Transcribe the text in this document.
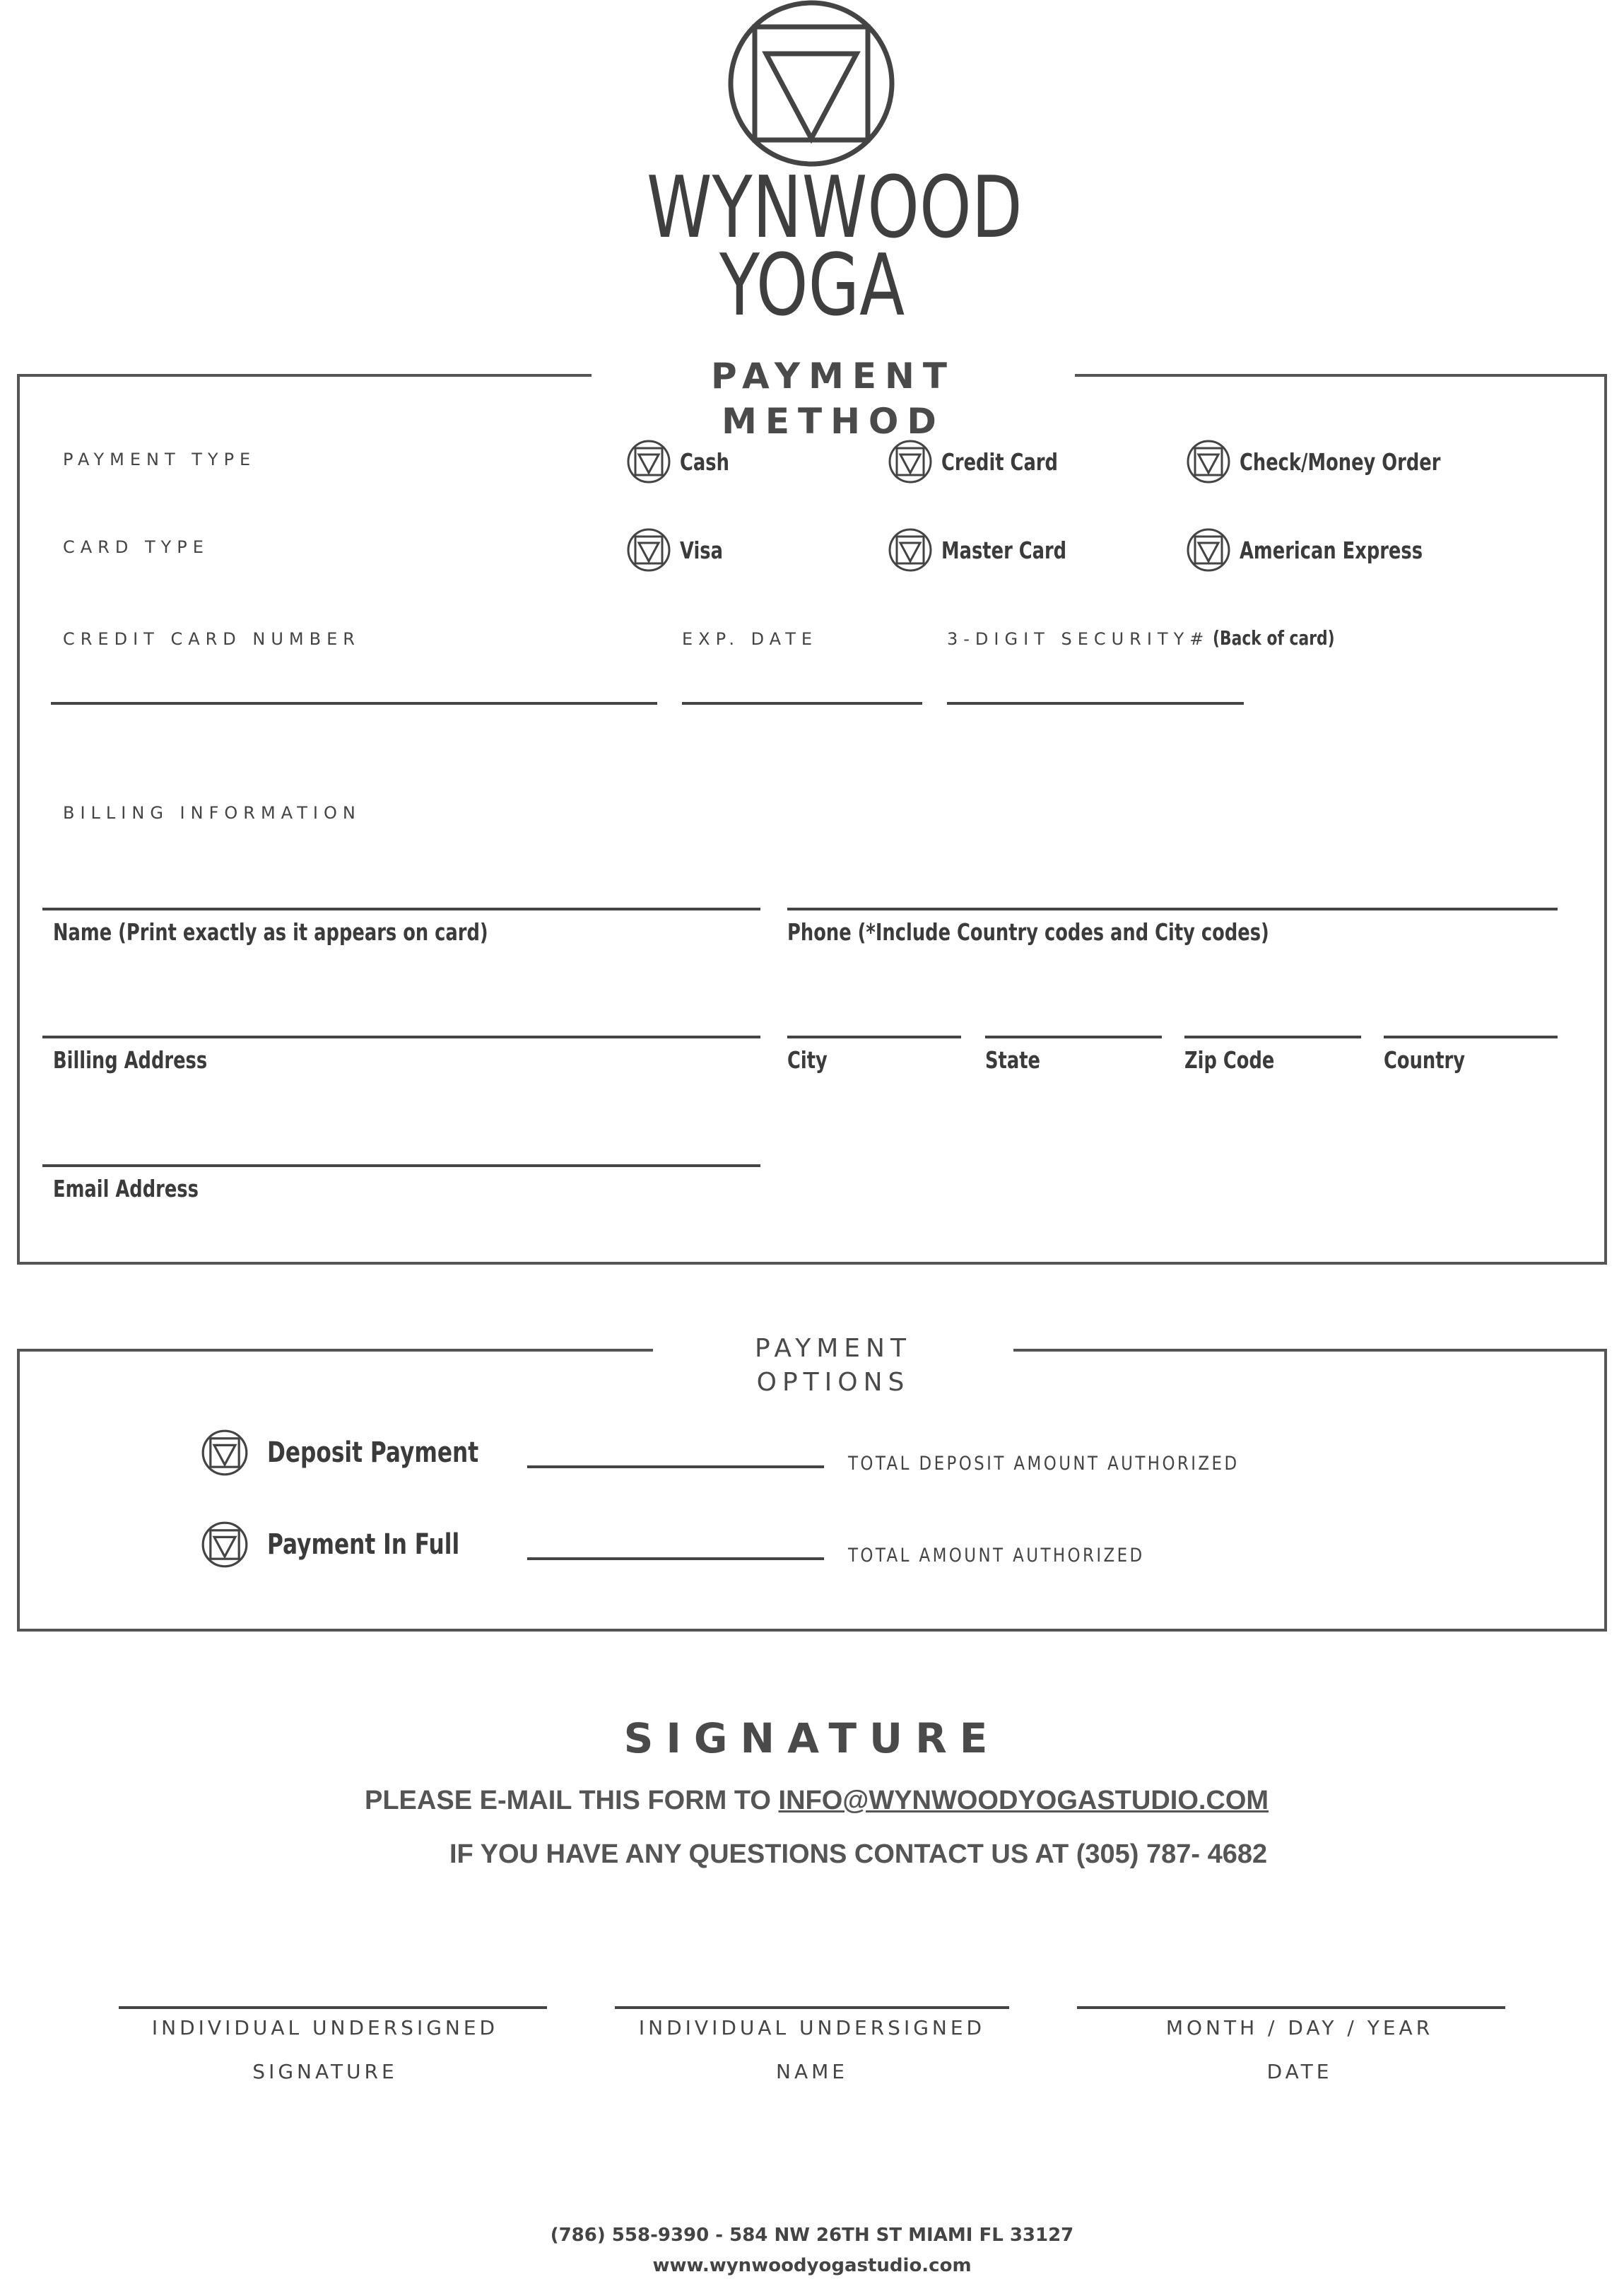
WYNWOOD
YOGA
PAYMENT METHOD
PAYMENT TYPE	Cash	Credit Card	Check/Money Order
CARD TYPE	Visa	Master Card	American Express
CREDIT CARD NUMBER	EXP. DATE	3-DIGIT SECURITY# (Back of card)
BILLING INFORMATION
Name (Print exactly as it appears on card)	Phone (*Include Country codes and City codes)
Billing Address	City	State	Zip Code	Country
Email Address
PAYMENT OPTIONS
Deposit Payment	TOTAL DEPOSIT AMOUNT AUTHORIZED
Payment In Full	TOTAL AMOUNT AUTHORIZED
SIGNATURE
PLEASE E-MAIL THIS FORM TO INFO@WYNWOODYOGASTUDIO.COM
IF YOU HAVE ANY QUESTIONS CONTACT US AT (305) 787- 4682
INDIVIDUAL UNDERSIGNED
SIGNATURE
INDIVIDUAL UNDERSIGNED
NAME
MONTH / DAY / YEAR
DATE
(786) 558-9390 - 584 NW 26TH ST MIAMI FL 33127
www.wynwoodyogastudio.com
